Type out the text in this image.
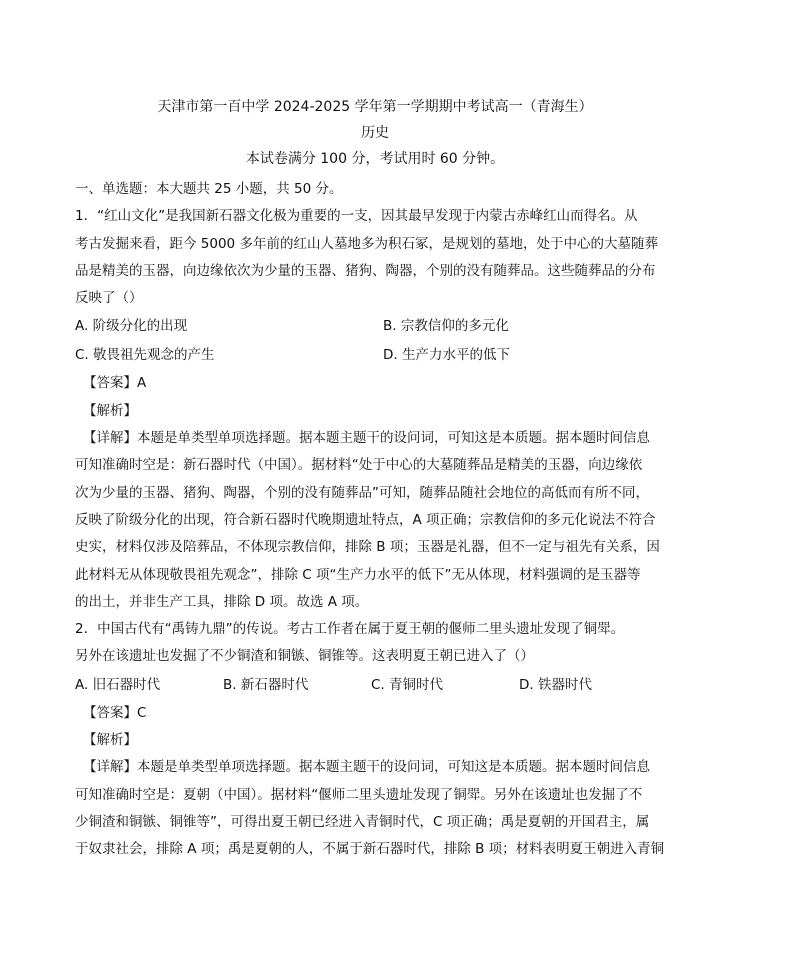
天津市第一百中学 2024-2025 学年第一学期期中考试高一（青海生）
历史
本试卷满分 100 分，考试用时 60 分钟。
一、单选题：本大题共 25 小题，共 50 分。
1．“红山文化”是我国新石器文化极为重要的一支，因其最早发现于内蒙古赤峰红山而得名。从
考古发掘来看，距今 5000 多年前的红山人墓地多为积石冢，是规划的墓地，处于中心的大墓随葬
品是精美的玉器，向边缘依次为少量的玉器、猪狗、陶器，个别的没有随葬品。这些随葬品的分布
反映了（）
A. 阶级分化的出现	B. 宗教信仰的多元化
C. 敬畏祖先观念的产生	D. 生产力水平的低下
【答案】A
【解析】
【详解】本题是单类型单项选择题。据本题主题干的设问词，可知这是本质题。据本题时间信息
可知准确时空是：新石器时代（中国）。据材料“处于中心的大墓随葬品是精美的玉器，向边缘依
次为少量的玉器、猪狗、陶器，个别的没有随葬品”可知，随葬品随社会地位的高低而有所不同，
反映了阶级分化的出现，符合新石器时代晚期遗址特点，A 项正确；宗教信仰的多元化说法不符合
史实，材料仅涉及陪葬品，不体现宗教信仰，排除 B 项；玉器是礼器，但不一定与祖先有关系，因
此材料无从体现敬畏祖先观念”，排除 C 项“生产力水平的低下”无从体现，材料强调的是玉器等
的出土，并非生产工具，排除 D 项。故选 A 项。
2．中国古代有“禹铸九鼎”的传说。考古工作者在属于夏王朝的偃师二里头遗址发现了铜斝。
另外在该遗址也发掘了不少铜渣和铜镞、铜锥等。这表明夏王朝已进入了（）
A. 旧石器时代	B. 新石器时代	C. 青铜时代	D. 铁器时代
【答案】C
【解析】
【详解】本题是单类型单项选择题。据本题主题干的设问词，可知这是本质题。据本题时间信息
可知准确时空是：夏朝（中国）。据材料“偃师二里头遗址发现了铜斝。另外在该遗址也发掘了不
少铜渣和铜镞、铜锥等”，可得出夏王朝已经进入青铜时代，C 项正确；禹是夏朝的开国君主，属
于奴隶社会，排除 A 项；禹是夏朝的人，不属于新石器时代，排除 B 项；材料表明夏王朝进入青铜
